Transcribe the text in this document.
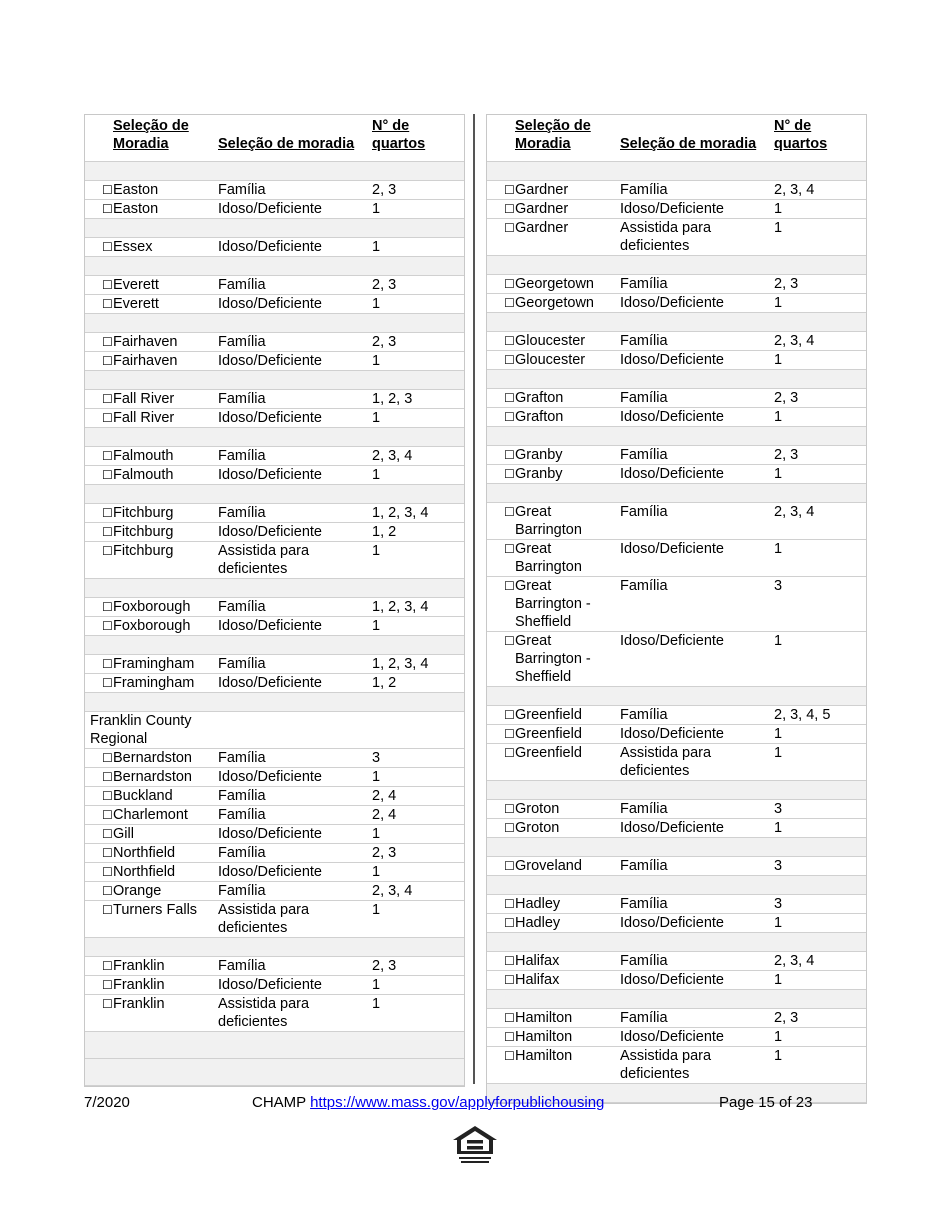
		Seleção de Moradia	Seleção de moradia	N° de quartos

	☐	Easton	Família	2, 3
	☐	Easton	Idoso/Deficiente	1

	☐	Essex	Idoso/Deficiente	1

	☐	Everett	Família	2, 3
	☐	Everett	Idoso/Deficiente	1

	☐	Fairhaven	Família	2, 3
	☐	Fairhaven	Idoso/Deficiente	1

	☐	Fall River	Família	1, 2, 3
	☐	Fall River	Idoso/Deficiente	1

	☐	Falmouth	Família	2, 3, 4
	☐	Falmouth	Idoso/Deficiente	1

	☐	Fitchburg	Família	1, 2, 3, 4
	☐	Fitchburg	Idoso/Deficiente	1, 2
	☐	Fitchburg	Assistida para deficientes	1

	☐	Foxborough	Família	1, 2, 3, 4
	☐	Foxborough	Idoso/Deficiente	1

	☐	Framingham	Família	1, 2, 3, 4
	☐	Framingham	Idoso/Deficiente	1, 2

Franklin County Regional				
	☐	Bernardston	Família	3
	☐	Bernardston	Idoso/Deficiente	1
	☐	Buckland	Família	2, 4
	☐	Charlemont	Família	2, 4
	☐	Gill	Idoso/Deficiente	1
	☐	Northfield	Família	2, 3
	☐	Northfield	Idoso/Deficiente	1
	☐	Orange	Família	2, 3, 4
	☐	Turners Falls	Assistida para deficientes	1

	☐	Franklin	Família	2, 3
	☐	Franklin	Idoso/Deficiente	1
	☐	Franklin	Assistida para deficientes	1

		Seleção de Moradia	Seleção de moradia	N° de quartos

	☐	Gardner	Família	2, 3, 4
	☐	Gardner	Idoso/Deficiente	1
	☐	Gardner	Assistida para deficientes	1

	☐	Georgetown	Família	2, 3
	☐	Georgetown	Idoso/Deficiente	1

	☐	Gloucester	Família	2, 3, 4
	☐	Gloucester	Idoso/Deficiente	1

	☐	Grafton	Família	2, 3
	☐	Grafton	Idoso/Deficiente	1

	☐	Granby	Família	2, 3
	☐	Granby	Idoso/Deficiente	1

	☐	Great Barrington	Família	2, 3, 4
	☐	Great Barrington	Idoso/Deficiente	1
	☐	Great Barrington - Sheffield	Família	3
	☐	Great Barrington - Sheffield	Idoso/Deficiente	1

	☐	Greenfield	Família	2, 3, 4, 5
	☐	Greenfield	Idoso/Deficiente	1
	☐	Greenfield	Assistida para deficientes	1

	☐	Groton	Família	3
	☐	Groton	Idoso/Deficiente	1

	☐	Groveland	Família	3

	☐	Hadley	Família	3
	☐	Hadley	Idoso/Deficiente	1

	☐	Halifax	Família	2, 3, 4
	☐	Halifax	Idoso/Deficiente	1

	☐	Hamilton	Família	2, 3
	☐	Hamilton	Idoso/Deficiente	1
	☐	Hamilton	Assistida para deficientes	1

7/2020	CHAMP https://www.mass.gov/applyforpublichousing	Page 15 of 23
